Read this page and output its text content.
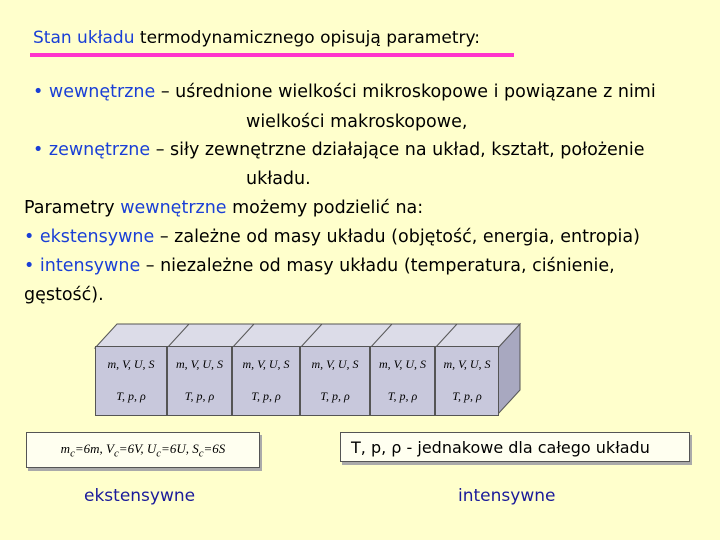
Stan układu termodynamicznego opisują parametry:
• wewnętrzne – uśrednione wielkości mikroskopowe i powiązane z nimi
wielkości makroskopowe,
• zewnętrzne – siły zewnętrzne działające na układ, kształt, położenie
układu.
Parametry wewnętrzne możemy podzielić na:
• ekstensywne – zależne od masy układu (objętość, energia, entropia)
• intensywne – niezależne od masy układu (temperatura, ciśnienie,
gęstość).
m, V, U, S
T, p, ρ
m, V, U, S
T, p, ρ
m, V, U, S
T, p, ρ
m, V, U, S
T, p, ρ
m, V, U, S
T, p, ρ
m, V, U, S
T, p, ρ
$m_c=6m$, $V_c=6V$, $U_c=6U$, $S_c=6S$	T, p, ρ - jednakowe dla całego układu
ekstensywne	intensywne
